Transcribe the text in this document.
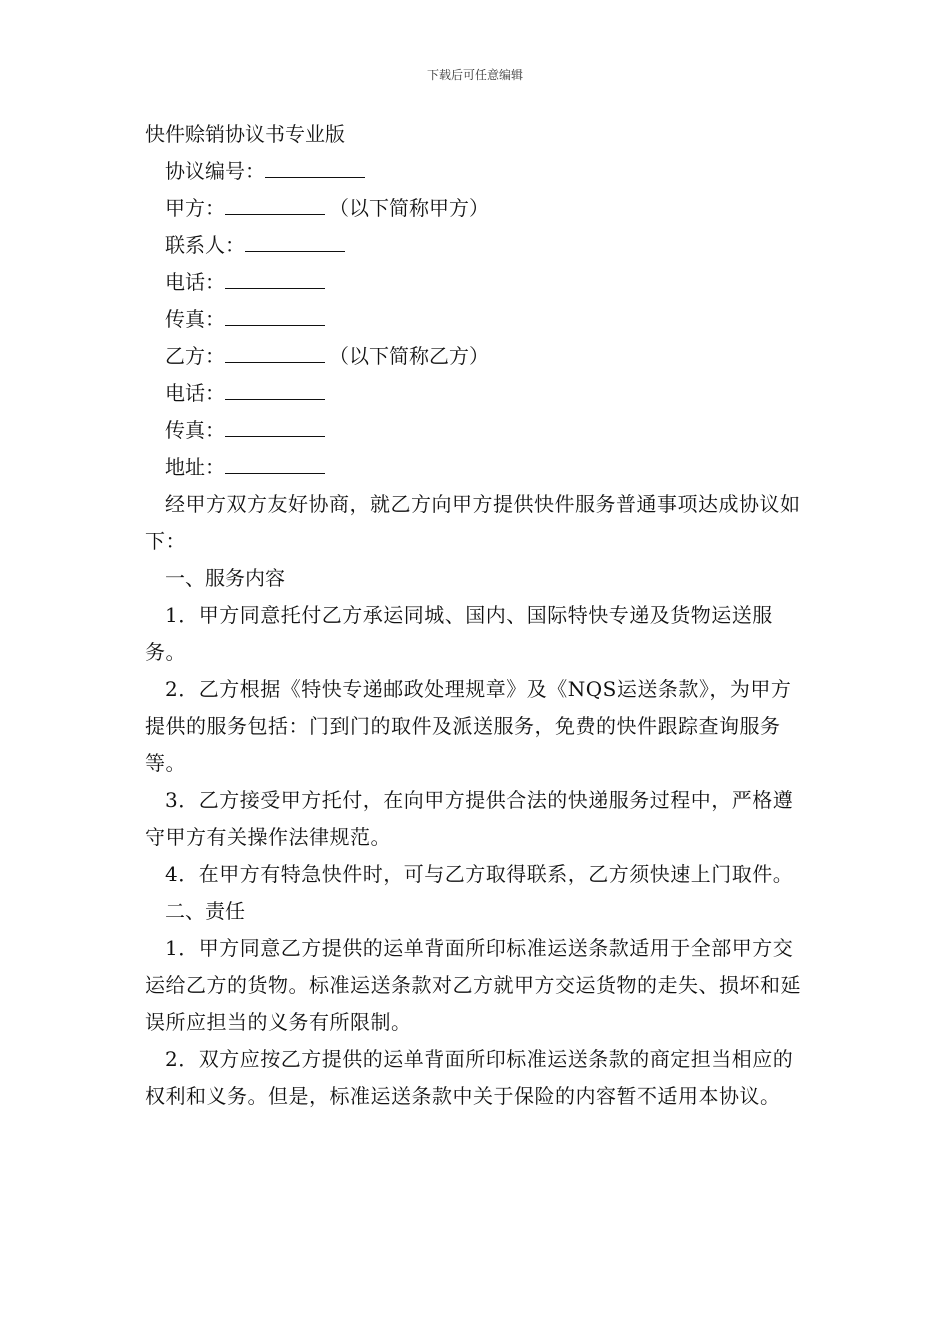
下载后可任意编辑
快件赊销协议书专业版
协议编号：
甲方：	（以下简称甲方）
联系人：
电话：
传真：
乙方：	（以下简称乙方）
电话：
传真：
地址：
经甲方双方友好协商，就乙方向甲方提供快件服务普通事项达成协议如下：
一、服务内容
1．甲方同意托付乙方承运同城、国内、国际特快专递及货物运送服务。
2．乙方根据《特快专递邮政处理规章》及《NQS运送条款》，为甲方提供的服务包括：门到门的取件及派送服务，免费的快件跟踪查询服务等。
3．乙方接受甲方托付，在向甲方提供合法的快递服务过程中，严格遵守甲方有关操作法律规范。
4．在甲方有特急快件时，可与乙方取得联系，乙方须快速上门取件。
二、责任
1．甲方同意乙方提供的运单背面所印标准运送条款适用于全部甲方交运给乙方的货物。标准运送条款对乙方就甲方交运货物的走失、损坏和延误所应担当的义务有所限制。
2．双方应按乙方提供的运单背面所印标准运送条款的商定担当相应的权利和义务。但是，标准运送条款中关于保险的内容暂不适用本协议。
